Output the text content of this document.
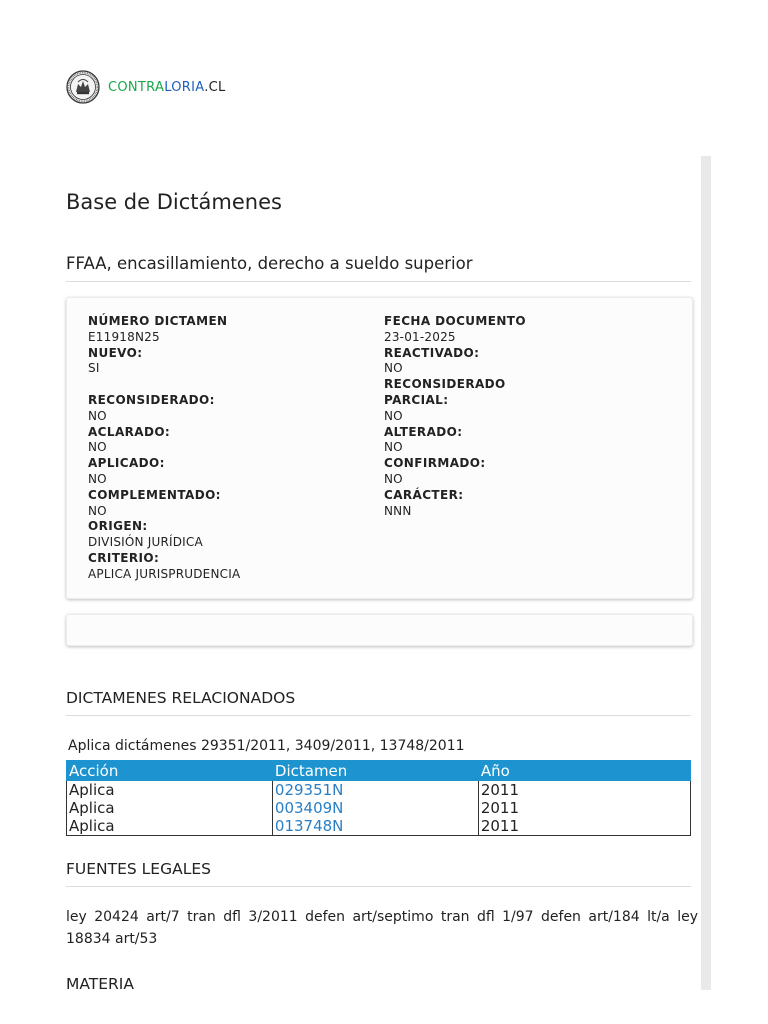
CONTRALORIA.CL
Base de Dictámenes
FFAA, encasillamiento, derecho a sueldo superior
NÚMERO DICTAMEN
E11918N25
NUEVO:
SI
RECONSIDERADO:
NO
ACLARADO:
NO
APLICADO:
NO
COMPLEMENTADO:
NO
ORIGEN:
DIVISIÓN JURÍDICA
CRITERIO:
APLICA JURISPRUDENCIA
FECHA DOCUMENTO
23-01-2025
REACTIVADO:
NO
RECONSIDERADO
PARCIAL:
NO
ALTERADO:
NO
CONFIRMADO:
NO
CARÁCTER:
NNN
DICTAMENES RELACIONADOS
Aplica dictámenes 29351/2011, 3409/2011, 13748/2011
Acción	Dictamen	Año
Aplica	029351N	2011
Aplica	003409N	2011
Aplica	013748N	2011
FUENTES LEGALES
ley 20424 art/7 tran dfl 3/2011 defen art/septimo tran dfl 1/97 defen art/184 lt/a ley 18834 art/53
MATERIA
